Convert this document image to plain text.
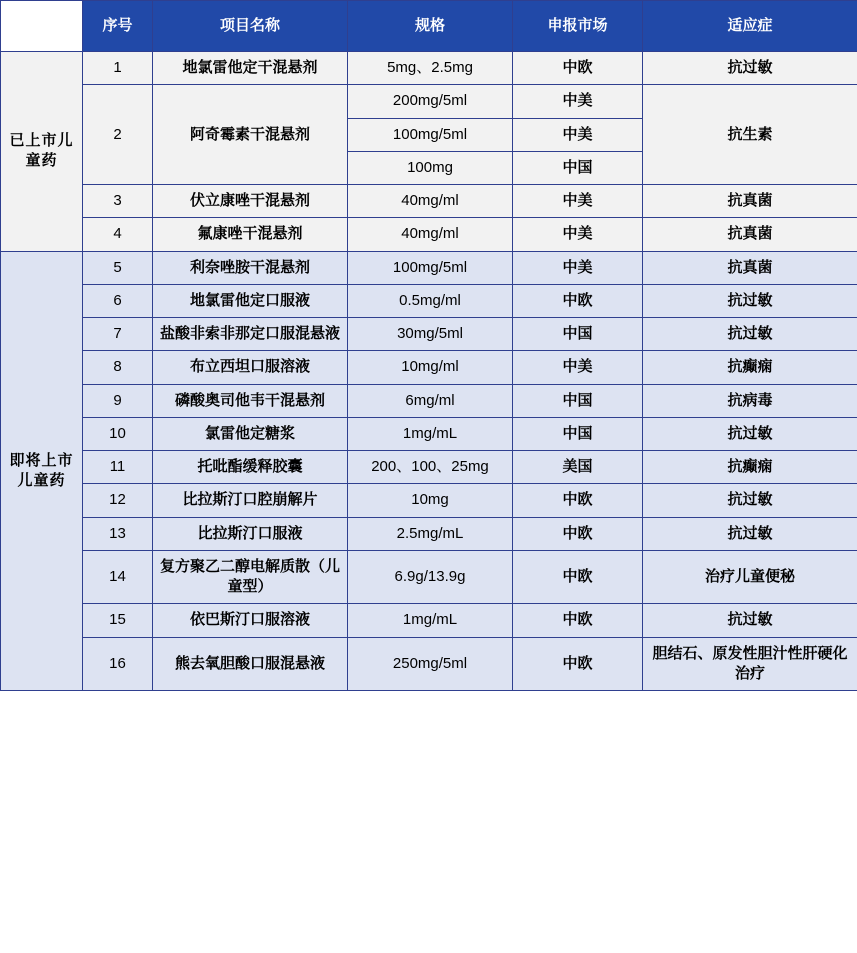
	序号	项目名称	规格	申报市场	适应症
已上市儿童药	1	地氯雷他定干混悬剂	5mg、2.5mg	中欧	抗过敏
	2	阿奇霉素干混悬剂	200mg/5ml	中美	抗生素
			100mg/5ml	中美	
			100mg	中国	
	3	伏立康唑干混悬剂	40mg/ml	中美	抗真菌
	4	氟康唑干混悬剂	40mg/ml	中美	抗真菌
即将上市儿童药	5	利奈唑胺干混悬剂	100mg/5ml	中美	抗真菌
	6	地氯雷他定口服液	0.5mg/ml	中欧	抗过敏
	7	盐酸非索非那定口服混悬液	30mg/5ml	中国	抗过敏
	8	布立西坦口服溶液	10mg/ml	中美	抗癫痫
	9	磷酸奥司他韦干混悬剂	6mg/ml	中国	抗病毒
	10	氯雷他定糖浆	1mg/mL	中国	抗过敏
	11	托吡酯缓释胶囊	200、100、25mg	美国	抗癫痫
	12	比拉斯汀口腔崩解片	10mg	中欧	抗过敏
	13	比拉斯汀口服液	2.5mg/mL	中欧	抗过敏
	14	复方聚乙二醇电解质散（儿童型）	6.9g/13.9g	中欧	治疗儿童便秘
	15	依巴斯汀口服溶液	1mg/mL	中欧	抗过敏
	16	熊去氧胆酸口服混悬液	250mg/5ml	中欧	胆结石、原发性胆汁性肝硬化治疗
